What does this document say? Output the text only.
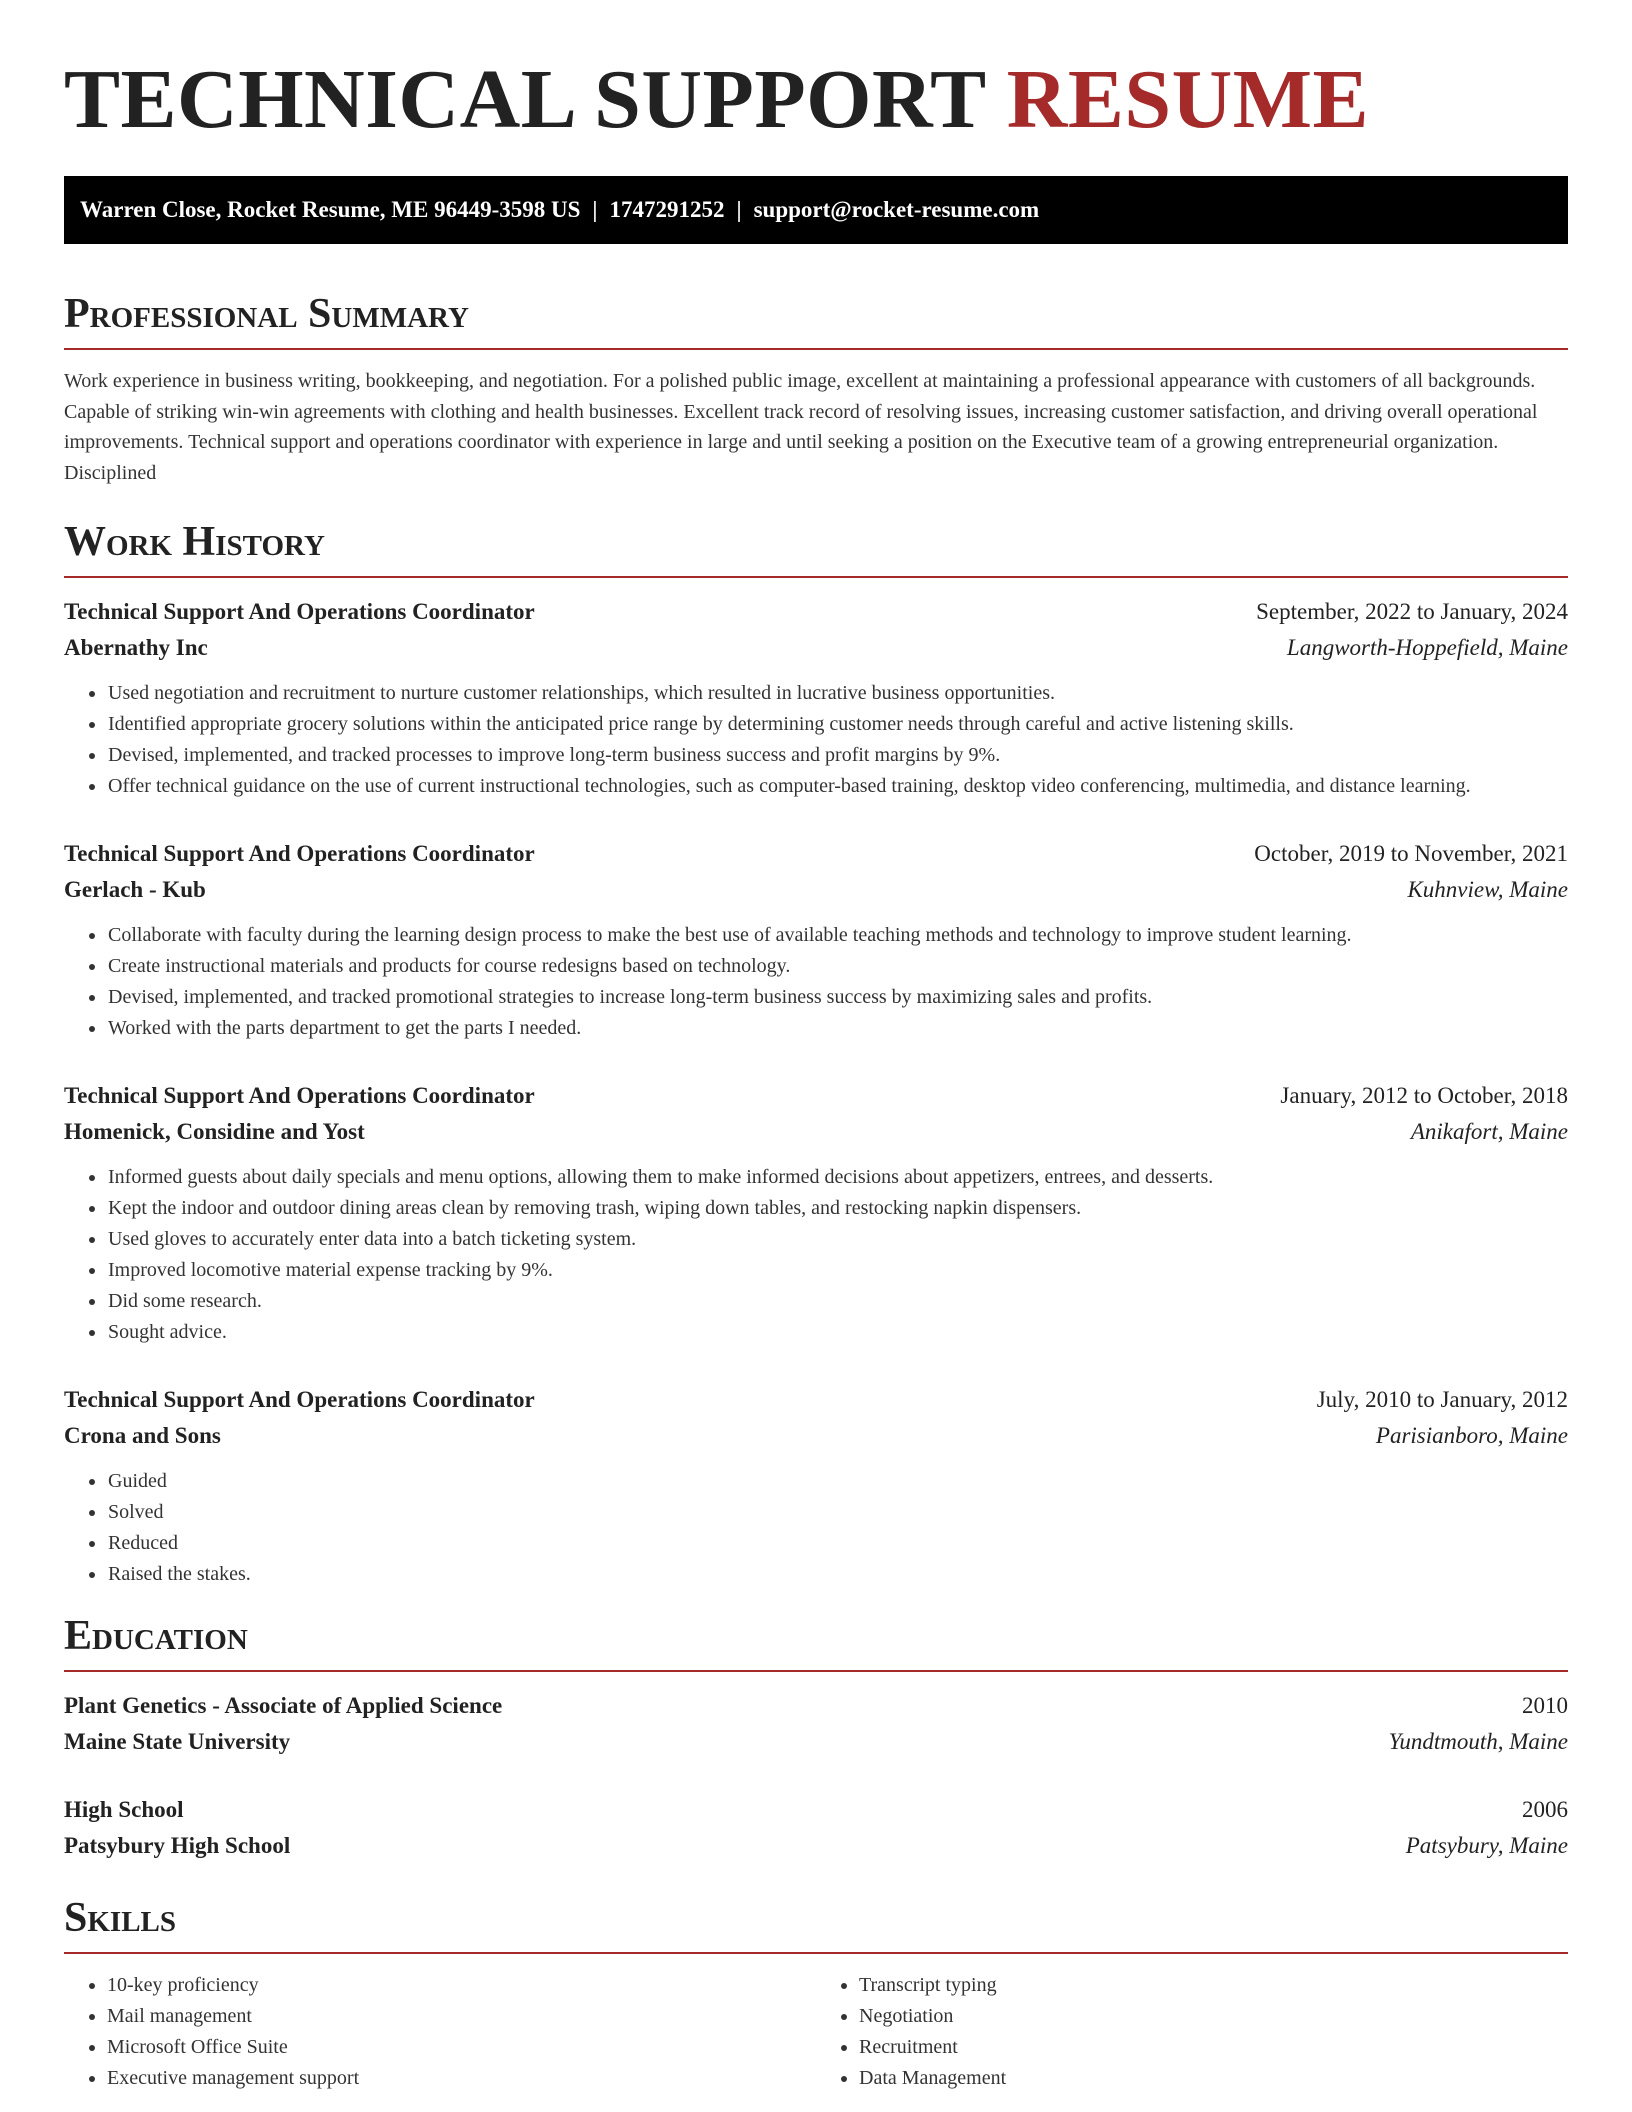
TECHNICAL SUPPORT RESUME
Warren Close, Rocket Resume, ME 96449-3598 US | 1747291252 | support@rocket-resume.com
Professional Summary
Work experience in business writing, bookkeeping, and negotiation. For a polished public image, excellent at maintaining a professional appearance with customers of all backgrounds. Capable of striking win-win agreements with clothing and health businesses. Excellent track record of resolving issues, increasing customer satisfaction, and driving overall operational improvements. Technical support and operations coordinator with experience in large and until seeking a position on the Executive team of a growing entrepreneurial organization. Disciplined
Work History
Technical Support And Operations Coordinator	September, 2022 to January, 2024
Abernathy Inc	Langworth-Hoppefield, Maine
• Used negotiation and recruitment to nurture customer relationships, which resulted in lucrative business opportunities.
• Identified appropriate grocery solutions within the anticipated price range by determining customer needs through careful and active listening skills.
• Devised, implemented, and tracked processes to improve long-term business success and profit margins by 9%.
• Offer technical guidance on the use of current instructional technologies, such as computer-based training, desktop video conferencing, multimedia, and distance learning.
Technical Support And Operations Coordinator	October, 2019 to November, 2021
Gerlach - Kub	Kuhnview, Maine
• Collaborate with faculty during the learning design process to make the best use of available teaching methods and technology to improve student learning.
• Create instructional materials and products for course redesigns based on technology.
• Devised, implemented, and tracked promotional strategies to increase long-term business success by maximizing sales and profits.
• Worked with the parts department to get the parts I needed.
Technical Support And Operations Coordinator	January, 2012 to October, 2018
Homenick, Considine and Yost	Anikafort, Maine
• Informed guests about daily specials and menu options, allowing them to make informed decisions about appetizers, entrees, and desserts.
• Kept the indoor and outdoor dining areas clean by removing trash, wiping down tables, and restocking napkin dispensers.
• Used gloves to accurately enter data into a batch ticketing system.
• Improved locomotive material expense tracking by 9%.
• Did some research.
• Sought advice.
Technical Support And Operations Coordinator	July, 2010 to January, 2012
Crona and Sons	Parisianboro, Maine
• Guided
• Solved
• Reduced
• Raised the stakes.
Education
Plant Genetics - Associate of Applied Science	2010
Maine State University	Yundtmouth, Maine
High School	2006
Patsybury High School	Patsybury, Maine
Skills
• 10-key proficiency
• Mail management
• Microsoft Office Suite
• Executive management support
• Transcript typing
• Negotiation
• Recruitment
• Data Management
